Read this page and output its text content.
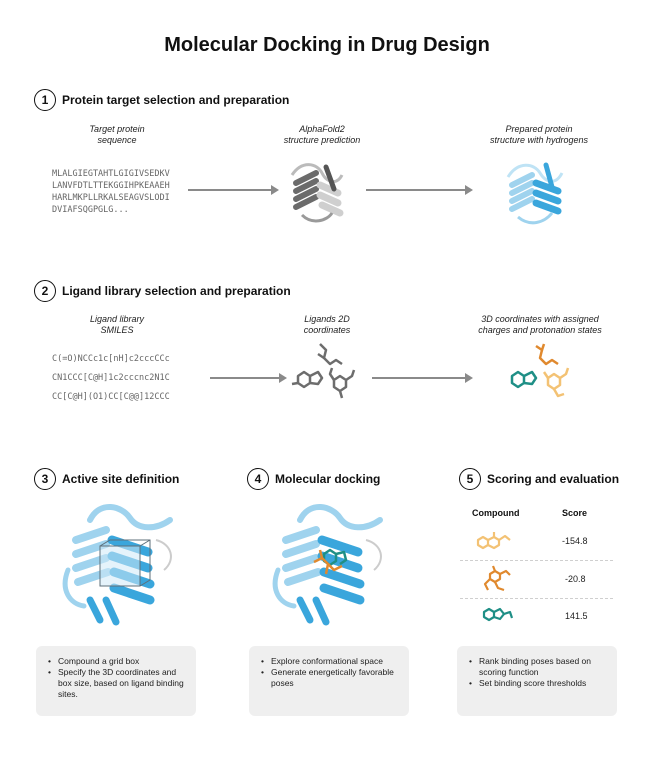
Molecular Docking in Drug Design
1	Protein target selection and preparation
Target protein
sequence
MLALGIEGTAHTLGIGIVSEDKV
LANVFDTLTTEKGGIHPKEAAEH
HARLMKPLLRKALSEAGVSLODI
DVIAFSQGPGLG...
AlphaFold2
structure prediction
Prepared protein
structure with hydrogens
2	Ligand library selection and preparation
Ligand library
SMILES
C(=O)NCCc1c[nH]c2cccCCc
CN1CCC[C@H]1c2cccnc2N1C
CC[C@H](O1)CC[C@@]12CCC
Ligands 2D
coordinates
3D coordinates with assigned
charges and protonation states
3	Active site definition
• Compound a grid box
• Specify the 3D coordinates and box size, based on ligand binding sites.
4	Molecular docking
• Explore conformational space
• Generate energetically favorable poses
5	Scoring and evaluation
Compound	Score
-154.8
-20.8
141.5
• Rank binding poses based on scoring function
• Set binding score thresholds
